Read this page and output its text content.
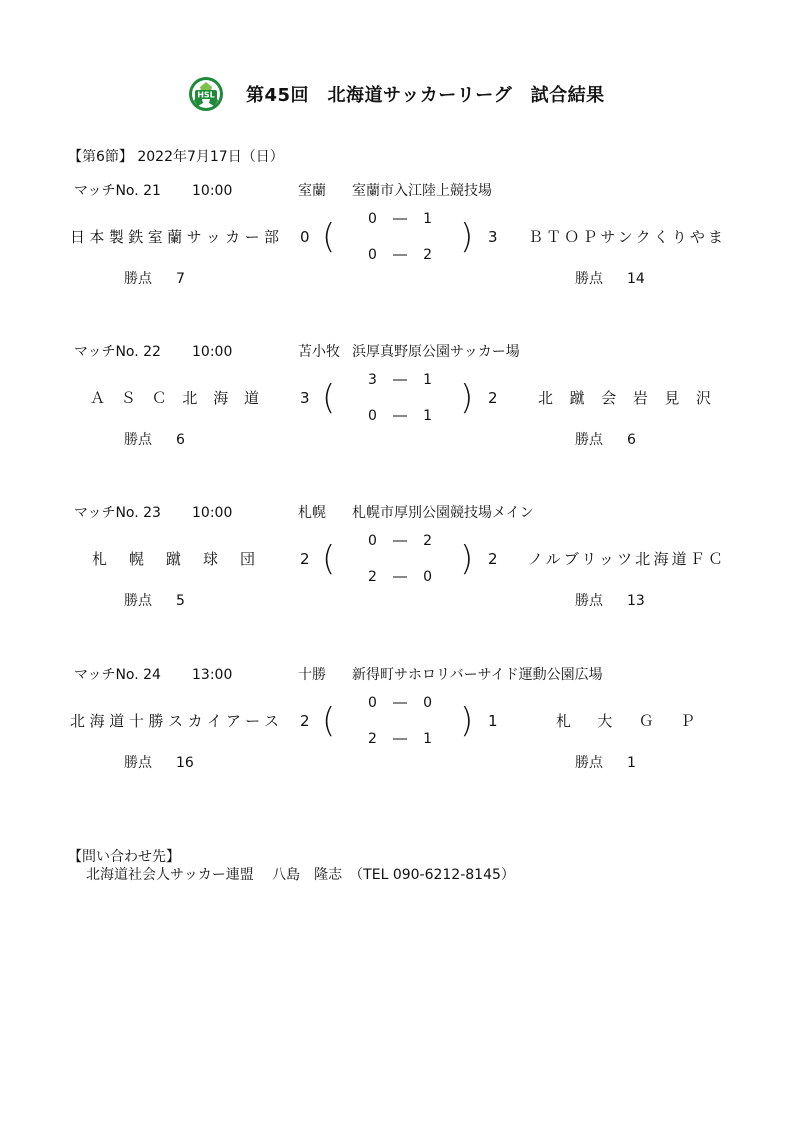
HSL 第45回　北海道サッカーリーグ　試合結果
【第6節】 2022年7月17日（日）
マッチNo. 21 10:00	室蘭 室蘭市入江陸上競技場
日本製鉄室蘭サッカー部 0 ( 0 ― 1
0 ― 2 ) 3 ＢＴＯＰサンクくりやま
勝点 7	勝点 14
マッチNo. 22 10:00	苫小牧 浜厚真野原公園サッカー場
ＡＳＣ北海道	3 ( 3 ― 1
0 ― 1 ) 2	北蹴会岩見沢
勝点 6	勝点 6
マッチNo. 23 10:00	札幌 札幌市厚別公園競技場メイン
札幌蹴球団	2 ( 0 ― 2
2 ― 0 ) 2 ノルブリッツ北海道ＦＣ
勝点 5	勝点 13
マッチNo. 24 13:00	十勝 新得町サホロリバーサイド運動公園広場
北海道十勝スカイアース 2 ( 0 ― 0
2 ― 1 ) 1	札大ＧＰ
勝点 16	勝点 1
【問い合わせ先】
北海道社会人サッカー連盟　 八島　隆志　（TEL 090-6212-8145）
